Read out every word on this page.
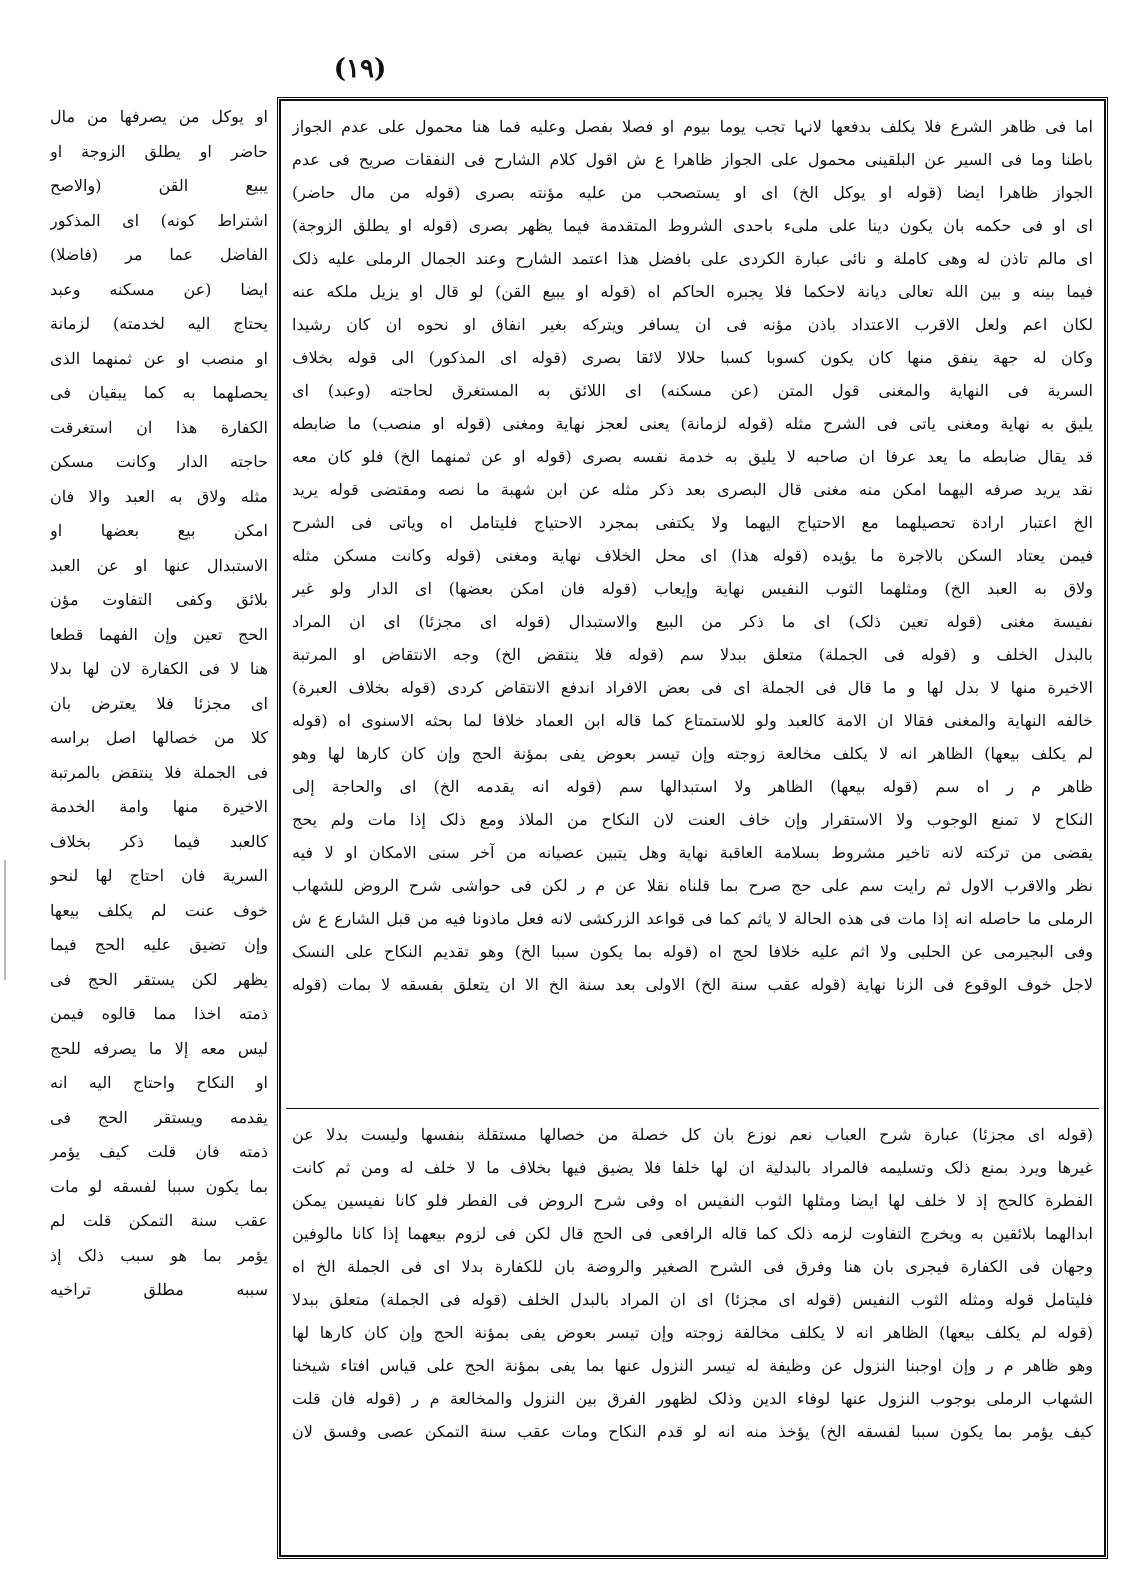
(١٩)
او یوکل من یصرفها من مال
حاضر او یطلق الزوجة او
یبیع القن (والاصح
اشتراط کونه) ای المذکور
الفاضل عما مر (فاضلا)
ایضا (عن مسکنه وعبد
یحتاج الیه لخدمته) لزمانة
او منصب او عن ثمنهما الذی
یحصلهما به کما یبقیان فی
الکفارة هذا ان استغرقت
حاجته الدار وکانت مسکن
مثله ولاق به العبد والا فان
امکن بیع بعضها او
الاستبدال عنها او عن العبد
بلائق وکفی التفاوت مؤن
الحج تعین وإن الفهما قطعا
هنا لا فی الکفارة لان لها بدلا
ای مجزئا فلا یعترض بان
کلا من خصالها اصل براسه
فی الجملة فلا ینتقض بالمرتبة
الاخیرة منها وامة الخدمة
کالعبد فیما ذکر بخلاف
السریة فان احتاج لها لنحو
خوف عنت لم یکلف بیعها
وإن تضیق علیه الحج فیما
یظهر لکن یستقر الحج فی
ذمته اخذا مما قالوه فیمن
لیس معه إلا ما یصرفه للحج
او النکاح واحتاج الیه انه
یقدمه ویستقر الحج فی
ذمته فان قلت کیف یؤمر
بما یکون سببا لفسقه لو مات
عقب سنة التمکن قلت لم
یؤمر بما هو سبب ذلک إذ
سببه مطلق تراخیه
اما فی ظاهر الشرع فلا یکلف بدفعها لانہا تجب یوما بیوم او فصلا بفصل وعلیه فما هنا محمول علی عدم الجواز
باطنا وما فی السیر عن البلقینی محمول علی الجواز ظاهرا ع ش اقول کلام الشارح فی النفقات صریح فی عدم
الجواز ظاهرا ایضا (قوله او یوکل الخ) ای او یستصحب من علیه مؤنته بصری (قوله من مال حاضر)
ای او فی حکمه بان یکون دینا علی ملیء باحدی الشروط المتقدمة فیما یظهر بصری (قوله او یطلق الزوجة)
ای مالم تاذن له وهی کاملة و نائی عبارة الکردی علی بافضل هذا اعتمد الشارح وعند الجمال الرملی علیه ذلک
فیما بینه و بین الله تعالی دیانة لاحکما فلا یجبره الحاکم اه (قوله او یبیع القن) لو قال او یزیل ملکه عنه
لکان اعم ولعل الاقرب الاعتداد باذن مؤنه فی ان یسافر ویترکه بغیر انفاق او نحوه ان کان رشیدا
وکان له جهة ینفق منها کان یکون کسوبا کسبا حلالا لائقا بصری (قوله ای المذکور) الی قوله بخلاف
السریة فی النهایة والمغنی قول المتن (عن مسکنه) ای اللائق به المستغرق لحاجته (وعبد) ای
یلیق به نهایة ومغنی یاتی فی الشرح مثله (قوله لزمانة) یعنی لعجز نهایة ومغنی (قوله او منصب) ما ضابطه
قد یقال ضابطه ما یعد عرفا ان صاحبه لا یلیق به خدمة نفسه بصری (قوله او عن ثمنهما الخ) فلو کان معه
نقد یرید صرفه الیهما امکن منه مغنی قال البصری بعد ذکر مثله عن ابن شهبة ما نصه ومقتضی قوله یرید
الخ اعتبار ارادة تحصیلهما مع الاحتیاج الیهما ولا یکتفی بمجرد الاحتیاج فلیتامل اه ویاتی فی الشرح
فیمن یعتاد السکن بالاجرة ما یؤیده (قوله هذا) ای محل الخلاف نهایة ومغنی (قوله وکانت مسکن مثله
ولاق به العبد الخ) ومثلهما الثوب النفیس نهایة وإیعاب (قوله فان امکن بعضها) ای الدار ولو غیر
نفیسة مغنی (قوله تعین ذلک) ای ما ذکر من البیع والاستبدال (قوله ای مجزئا) ای ان المراد
بالبدل الخلف و (قوله فی الجملة) متعلق ببدلا سم (قوله فلا ینتقض الخ) وجه الانتقاض او المرتبة
الاخیرة منها لا بدل لها و ما قال فی الجملة ای فی بعض الافراد اندفع الانتقاض کردی (قوله بخلاف العبرة)
خالفه النهایة والمغنی فقالا ان الامة کالعبد ولو للاستمتاع کما قاله ابن العماد خلافا لما بحثه الاسنوی اه (قوله
لم یکلف بیعها) الظاهر انه لا یکلف مخالعة زوجته وإن تیسر بعوض یفی بمؤنة الحج وإن کان کارها لها وهو
ظاهر م ر اه سم (قوله بیعها) الظاهر ولا استبدالها سم (قوله انه یقدمه الخ) ای والحاجة إلی
النکاح لا تمنع الوجوب ولا الاستقرار وإن خاف العنت لان النکاح من الملاذ ومع ذلک إذا مات ولم یحج
یقضی من ترکته لانه تاخیر مشروط بسلامة العاقبة نهایة وهل یتبین عصیانه من آخر سنی الامکان او لا فیه
نظر والاقرب الاول ثم رایت سم علی حج صرح بما قلناه نقلا عن م ر لکن فی حواشی شرح الروض للشهاب
الرملی ما حاصله انه إذا مات فی هذه الحالة لا یاثم کما فی قواعد الزرکشی لانه فعل ماذونا فیه من قبل الشارع ع ش
وفی البجیرمی عن الحلبی ولا اثم علیه خلافا لحج اه (قوله بما یکون سببا الخ) وهو تقدیم النکاح علی النسک
لاجل خوف الوقوع فی الزنا نهایة (قوله عقب سنة الخ) الاولی بعد سنة الخ الا ان یتعلق بفسقه لا بمات (قوله
(قوله ای مجزئا) عبارة شرح العباب نعم نوزع بان کل خصلة من خصالها مستقلة بنفسها ولیست بدلا عن
غیرها ویرد بمنع ذلک وتسلیمه فالمراد بالبدلیة ان لها خلفا فلا یضیق فیها بخلاف ما لا خلف له ومن ثم کانت
الفطرة کالحج إذ لا خلف لها ایضا ومثلها الثوب النفیس اه وفی شرح الروض فی الفطر فلو کانا نفیسین یمکن
ابدالهما بلائقین به ویخرج التفاوت لزمه ذلک کما قاله الرافعی فی الحج قال لکن فی لزوم بیعهما إذا کانا مالوفین
وجهان فی الکفارة فیجری بان هنا وفرق فی الشرح الصغیر والروضة بان للکفارة بدلا ای فی الجملة الخ اه
فلیتامل قوله ومثله الثوب النفیس (قوله ای مجزئا) ای ان المراد بالبدل الخلف (قوله فی الجملة) متعلق ببدلا
(قوله لم یکلف بیعها) الظاهر انه لا یکلف مخالفة زوجته وإن تیسر بعوض یفی بمؤنة الحج وإن کان کارها لها
وهو ظاهر م ر وإن اوجبنا النزول عن وظیفة له تیسر النزول عنها بما یفی بمؤنة الحج علی قیاس افتاء شیخنا
الشهاب الرملی بوجوب النزول عنها لوفاء الدین وذلک لظهور الفرق بین النزول والمخالعة م ر (قوله فان قلت
کیف یؤمر بما یکون سببا لفسقه الخ) یؤخذ منه انه لو قدم النکاح ومات عقب سنة التمکن عصی وفسق لان
